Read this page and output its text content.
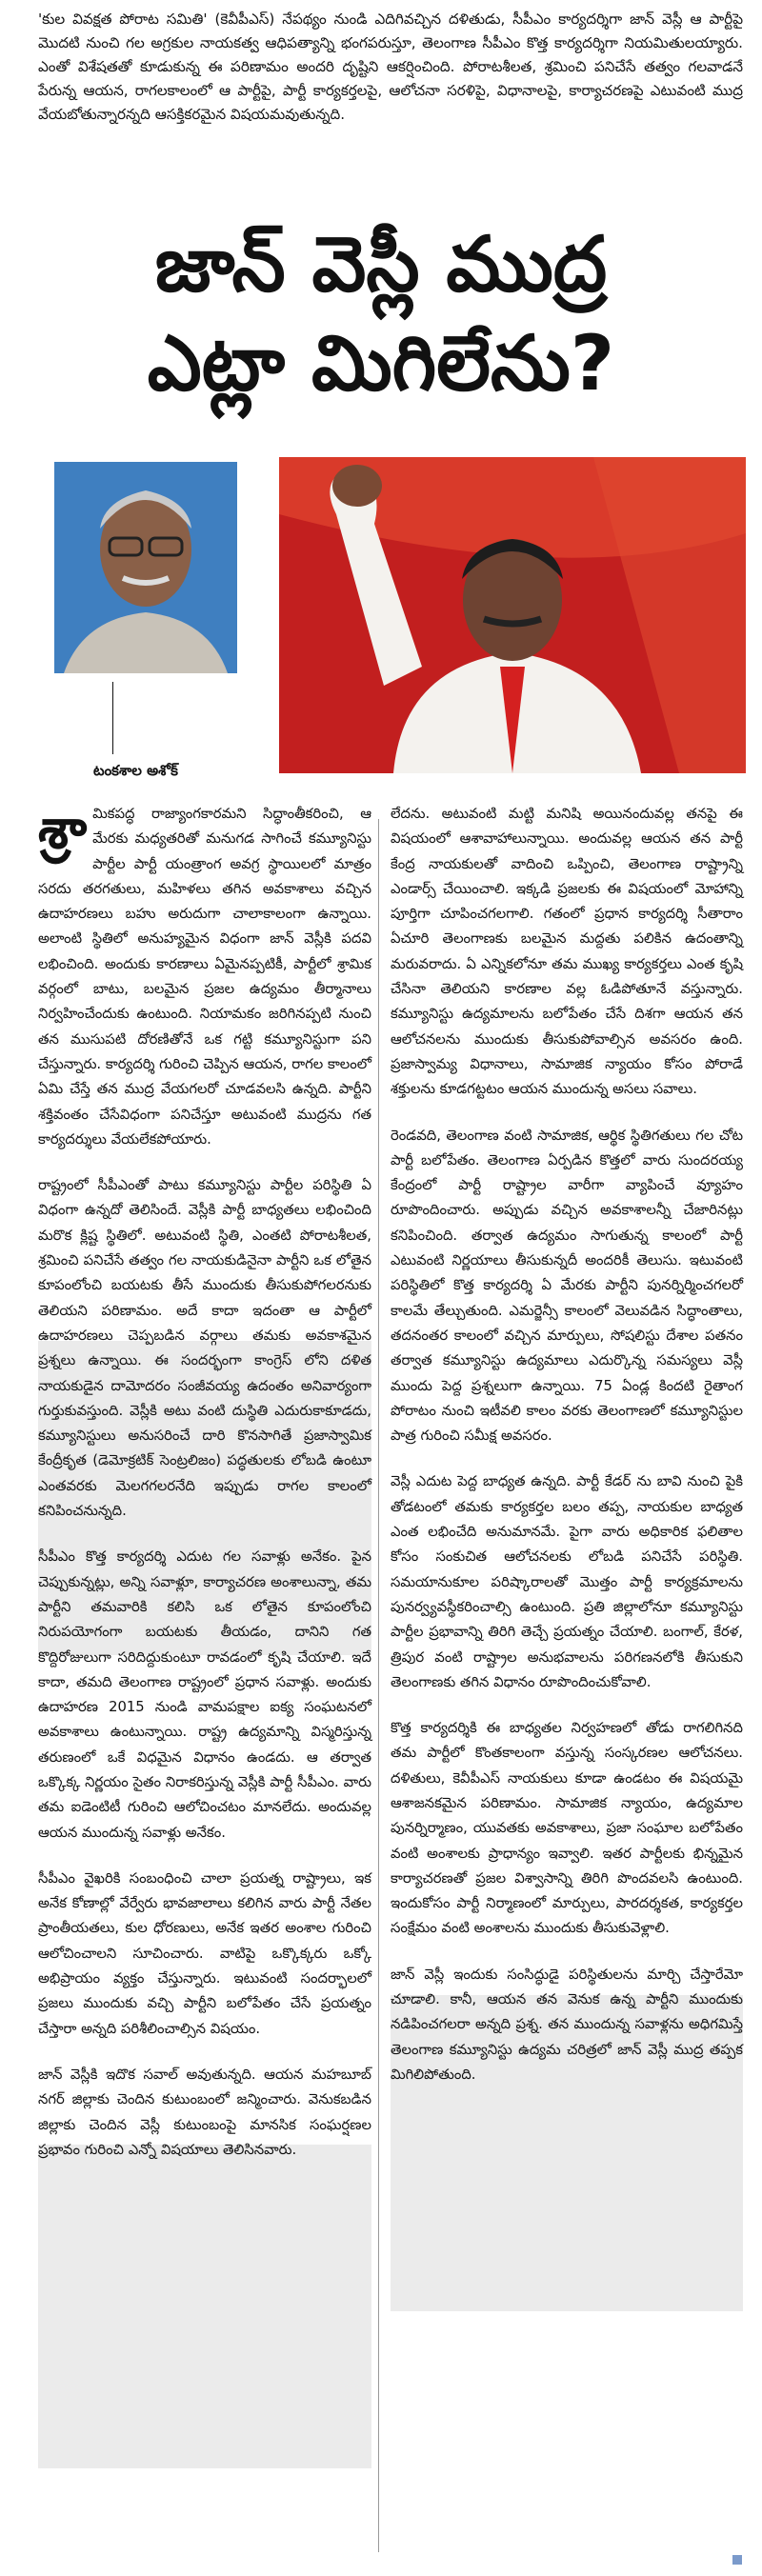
'కుల వివక్షత పోరాట సమితి' (కెవీపీఎస్) నేపథ్యం నుండి ఎదిగివచ్చిన దళితుడు, సీపీఎం కార్యదర్శిగా జాన్ వెస్లీ ఆ పార్టీపై మొదటి నుంచి గల అగ్రకుల నాయకత్వ ఆధిపత్యాన్ని భంగపరుస్తూ, తెలంగాణ సీపీఎం కొత్త కార్యదర్శిగా నియమితులయ్యారు. ఎంతో విశేషతతో కూడుకున్న ఈ పరిణామం అందరి దృష్టిని ఆకర్షించింది. పోరాటశీలత, శ్రమించి పనిచేసే తత్వం గలవాడనే పేరున్న ఆయన, రాగలకాలంలో ఆ పార్టీపై, పార్టీ కార్యకర్తలపై, ఆలోచనా సరళిపై, విధానాలపై, కార్యాచరణపై ఎటువంటి ముద్ర వేయబోతున్నారన్నది ఆసక్తికరమైన విషయమవుతున్నది.

జాన్ వెస్లీ ముద్ర
ఎట్లా మిగిలేను?
టంకశాల అశోక్

శ్రా మికపద్ధ రాజ్యాంగకారమని సిద్ధాంతీకరించి, ఆ మేరకు మధ్యతరితో మనుగడ సాగించే కమ్యూనిస్టు పార్టీల పార్టీ యంత్రాంగ అవగ్ర స్థాయిలలో మాత్రం సరదు తరగతులు, మహిళలు తగిన అవకాశాలు వచ్చిన ఉదాహరణలు బహు అరుదుగా చాలాకాలంగా ఉన్నాయి. అలాంటి స్థితిలో అనుహ్యమైన విధంగా జాన్ వెస్లీకి పదవి లభించింది. అందుకు కారణాలు ఏమైనప్పటికీ, పార్టీలో శ్రామిక వర్గంలో బాటు, బలమైన ప్రజల ఉద్యమం తీర్మానాలు నిర్వహించేందుకు ఉంటుంది. నియామకం జరిగినప్పటి నుంచి తన ముసుపటి దోరణితోనే ఒక గట్టి కమ్యూనిస్టుగా పని చేస్తున్నారు. కార్యదర్శి గురించి చెప్పిన ఆయన, రాగల కాలంలో ఏమి చేస్తే తన ముద్ర వేయగలరో చూడవలసి ఉన్నది. పార్టీని శక్తివంతం చేసేవిధంగా పనిచేస్తూ అటువంటి ముద్రను గత కార్యదర్శులు వేయలేకపోయారు.

రాష్ట్రంలో సీపీఎంతో పాటు కమ్యూనిస్టు పార్టీల పరిస్థితి ఏ విధంగా ఉన్నదో తెలిసిందే. వెస్లీకి పార్టీ బాధ్యతలు లభించింది మరొక క్లిష్ట స్థితిలో. అటువంటి స్థితి, ఎంతటి పోరాటశీలత, శ్రమించి పనిచేసే తత్వం గల నాయకుడినైనా పార్టీని ఒక లోతైన కూపంలోంచి బయటకు తీసే ముందుకు తీసుకుపోగలరనుకు తెలియని పరిణామం. అదే కాదా ఇదంతా ఆ పార్టీలో ఉదాహరణలు చెప్పబడిన వర్గాలు తమకు అవకాశమైన ప్రశ్నలు ఉన్నాయి. ఈ సందర్భంగా కాంగ్రెస్ లోని దళిత నాయకుడైన దామోదరం సంజీవయ్య ఉదంతం అనివార్యంగా గుర్తుకువస్తుంది. వెస్లీకి అటు వంటి దుస్థితి ఎదురుకాకూడదు, కమ్యూనిస్టులు అనుసరించే దారి కొనసాగితే ప్రజాస్వామిక కేంద్రీకృత (డెమోక్రటిక్ సెంట్రలిజం) పద్ధతులకు లోబడి ఉంటూ ఎంతవరకు మెలగగలరనేది ఇప్పుడు రాగల కాలంలో కనిపించనున్నది.

సీపీఎం కొత్త కార్యదర్శి ఎదుట గల సవాళ్లు అనేకం. పైన చెప్పుకున్నట్లు, అన్ని సవాళ్లూ, కార్యాచరణ అంశాలున్నా, తమ పార్టీని తమవారికి కలిసి ఒక లోతైన కూపంలోంచి నిరుపయోగంగా బయటకు తీయడం, దానిని గత కొద్దిరోజులుగా సరిదిద్దుకుంటూ రావడంలో కృషి చేయాలి. ఇదే కాదా, తమది తెలంగాణ రాష్ట్రంలో ప్రధాన సవాళ్లు. అందుకు ఉదాహరణ 2015 నుండి వామపక్షాల ఐక్య సంఘటనలో అవకాశాలు ఉంటున్నాయి. రాష్ట్ర ఉద్యమాన్ని విస్మరిస్తున్న తరుణంలో ఒకే విధమైన విధానం ఉండదు. ఆ తర్వాత ఒక్కొక్క నిర్ణయం సైతం నిరాకరిస్తున్న వెస్లీకి పార్టీ సీపీఎం. వారు తమ ఐడెంటిటీ గురించి ఆలోచించటం మానలేదు. అందువల్ల ఆయన ముందున్న సవాళ్లు అనేకం.

సీపీఎం వైఖరికి సంబంధించి చాలా ప్రయత్న రాష్ట్రాలు, ఇక అనేక కోణాల్లో వేర్వేరు భావజాలాలు కలిగిన వారు పార్టీ నేతల ప్రాంతీయతలు, కుల ధోరణులు, అనేక ఇతర అంశాల గురించి ఆలోచించాలని సూచించారు. వాటిపై ఒక్కొక్కరు ఒక్కో అభిప్రాయం వ్యక్తం చేస్తున్నారు. ఇటువంటి సందర్భాలలో ప్రజలు ముందుకు వచ్చి పార్టీని బలోపేతం చేసే ప్రయత్నం చేస్తారా అన్నది పరిశీలించాల్సిన విషయం.

జాన్ వెస్లీకి ఇదొక సవాల్ అవుతున్నది. ఆయన మహబూబ్ నగర్ జిల్లాకు చెందిన కుటుంబంలో జన్మించారు. వెనుకబడిన జిల్లాకు చెందిన వెస్లీ కుటుంబంపై మానసిక సంఘర్షణల ప్రభావం గురించి ఎన్నో విషయాలు తెలిసినవారు.

లేదను. అటువంటి మట్టి మనిషి అయినందువల్ల తనపై ఈ విషయంలో ఆశావాహాలున్నాయి. అందువల్ల ఆయన తన పార్టీ కేంద్ర నాయకులతో వాదించి ఒప్పించి, తెలంగాణ రాష్ట్రాన్ని ఎండార్స్ చేయించాలి. ఇక్కడి ప్రజలకు ఈ విషయంలో మోహాన్ని పూర్తిగా చూపించగలగాలి. గతంలో ప్రధాన కార్యదర్శి సీతారాం ఏచూరి తెలంగాణకు బలమైన మద్దతు పలికిన ఉదంతాన్ని మరువరాదు. ఏ ఎన్నికలోనూ తమ ముఖ్య కార్యకర్తలు ఎంత కృషి చేసినా తెలియని కారణాల వల్ల ఓడిపోతూనే వస్తున్నారు. కమ్యూనిస్టు ఉద్యమాలను బలోపేతం చేసే దిశగా ఆయన తన ఆలోచనలను ముందుకు తీసుకుపోవాల్సిన అవసరం ఉంది. ప్రజాస్వామ్య విధానాలు, సామాజిక న్యాయం కోసం పోరాడే శక్తులను కూడగట్టటం ఆయన ముందున్న అసలు సవాలు.

రెండవది, తెలంగాణ వంటి సామాజిక, ఆర్థిక స్థితిగతులు గల చోట పార్టీ బలోపేతం. తెలంగాణ ఏర్పడిన కొత్తలో వారు సుందరయ్య కేంద్రంలో పార్టీ రాష్ట్రాల వారీగా వ్యాపించే వ్యూహం రూపొందించారు. అప్పుడు వచ్చిన అవకాశాలన్నీ చేజారినట్లు కనిపించింది. తర్వాత ఉద్యమం సాగుతున్న కాలంలో పార్టీ ఎటువంటి నిర్ణయాలు తీసుకున్నదీ అందరికీ తెలుసు. ఇటువంటి పరిస్థితిలో కొత్త కార్యదర్శి ఏ మేరకు పార్టీని పునర్నిర్మించగలరో కాలమే తేల్చుతుంది. ఎమర్జెన్సీ కాలంలో వెలువడిన సిద్ధాంతాలు, తదనంతర కాలంలో వచ్చిన మార్పులు, సోషలిస్టు దేశాల పతనం తర్వాత కమ్యూనిస్టు ఉద్యమాలు ఎదుర్కొన్న సమస్యలు వెస్లీ ముందు పెద్ద ప్రశ్నలుగా ఉన్నాయి. 75 ఏండ్ల కిందటి రైతాంగ పోరాటం నుంచి ఇటీవలి కాలం వరకు తెలంగాణలో కమ్యూనిస్టుల పాత్ర గురించి సమీక్ష అవసరం.

వెస్లీ ఎదుట పెద్ద బాధ్యత ఉన్నది. పార్టీ కేడర్ ను బావి నుంచి పైకి తోడటంలో తమకు కార్యకర్తల బలం తప్ప, నాయకుల బాధ్యత ఎంత లభించేది అనుమానమే. పైగా వారు అధికారిక ఫలితాల కోసం సంకుచిత ఆలోచనలకు లోబడి పనిచేసే పరిస్థితి. సమయానుకూల పరిష్కారాలతో మొత్తం పార్టీ కార్యక్రమాలను పునర్వ్యవస్థీకరించాల్సి ఉంటుంది. ప్రతి జిల్లాలోనూ కమ్యూనిస్టు పార్టీల ప్రభావాన్ని తిరిగి తెచ్చే ప్రయత్నం చేయాలి. బంగాల్, కేరళ, త్రిపుర వంటి రాష్ట్రాల అనుభవాలను పరిగణనలోకి తీసుకుని తెలంగాణకు తగిన విధానం రూపొందించుకోవాలి.

కొత్త కార్యదర్శికి ఈ బాధ్యతల నిర్వహణలో తోడు రాగలిగినది తమ పార్టీలో కొంతకాలంగా వస్తున్న సంస్కరణల ఆలోచనలు. దళితులు, కెవీపీఎస్ నాయకులు కూడా ఉండటం ఈ విషయమై ఆశాజనకమైన పరిణామం. సామాజిక న్యాయం, ఉద్యమాల పునర్నిర్మాణం, యువతకు అవకాశాలు, ప్రజా సంఘాల బలోపేతం వంటి అంశాలకు ప్రాధాన్యం ఇవ్వాలి. ఇతర పార్టీలకు భిన్నమైన కార్యాచరణతో ప్రజల విశ్వాసాన్ని తిరిగి పొందవలసి ఉంటుంది. ఇందుకోసం పార్టీ నిర్మాణంలో మార్పులు, పారదర్శకత, కార్యకర్తల సంక్షేమం వంటి అంశాలను ముందుకు తీసుకువెళ్లాలి.

జాన్ వెస్లీ ఇందుకు సంసిద్ధుడై పరిస్థితులను మార్చి చేస్తారేమో చూడాలి. కానీ, ఆయన తన వెనుక ఉన్న పార్టీని ముందుకు నడిపించగలరా అన్నది ప్రశ్న. తన ముందున్న సవాళ్లను అధిగమిస్తే తెలంగాణ కమ్యూనిస్టు ఉద్యమ చరిత్రలో జాన్ వెస్లీ ముద్ర తప్పక మిగిలిపోతుంది.
